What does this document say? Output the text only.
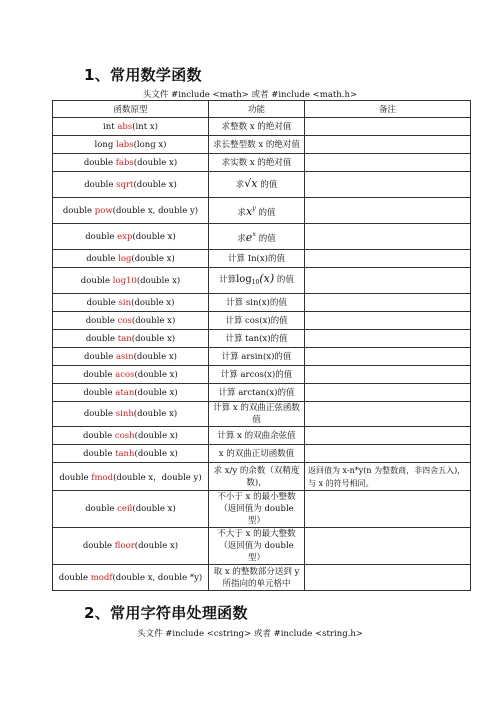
1、常用数学函数
头文件 #include <math> 或者 #include <math.h>
函数原型	功能	备注
int abs(int x)	求整数 x 的绝对值	
long labs(long x)	求长整型数 x 的绝对值	
double fabs(double x)	求实数 x 的绝对值	
double sqrt(double x)	求√x 的值	
double pow(double x, double y)	求$x^y$ 的值	
double exp(double x)	求$e^x$ 的值	
double log(double x)	计算 In(x)的值	
double log10(double x)	计算$\log_{10}(x)$ 的值	
double sin(double x)	计算 sin(x)的值	
double cos(double x)	计算 cos(x)的值	
double tan(double x)	计算 tan(x)的值	
double asin(double x)	计算 arsin(x)的值	
double acos(double x)	计算 arcos(x)的值	
double atan(double x)	计算 arctan(x)的值	
double sinh(double x)	计算 x 的双曲正弦函数值	
double cosh(double x)	计算 x 的双曲余弦值	
double tanh(double x)	x 的双曲正切函数值	
double fmod(double x，double y)	求 x/y 的余数（双精度数)，	返回值为 x-n*y(n 为整数商，非四舍五入)，与 x 的符号相同。
double ceil(double x)	不小于 x 的最小整数（返回值为 double 型）	
double floor(double x)	不大于 x 的最大整数（返回值为 double 型）	
double modf(double x, double *y)	取 x 的整数部分送到 y 所指向的单元格中	
2、常用字符串处理函数
头文件 #include <cstring> 或者 #include <string.h>
